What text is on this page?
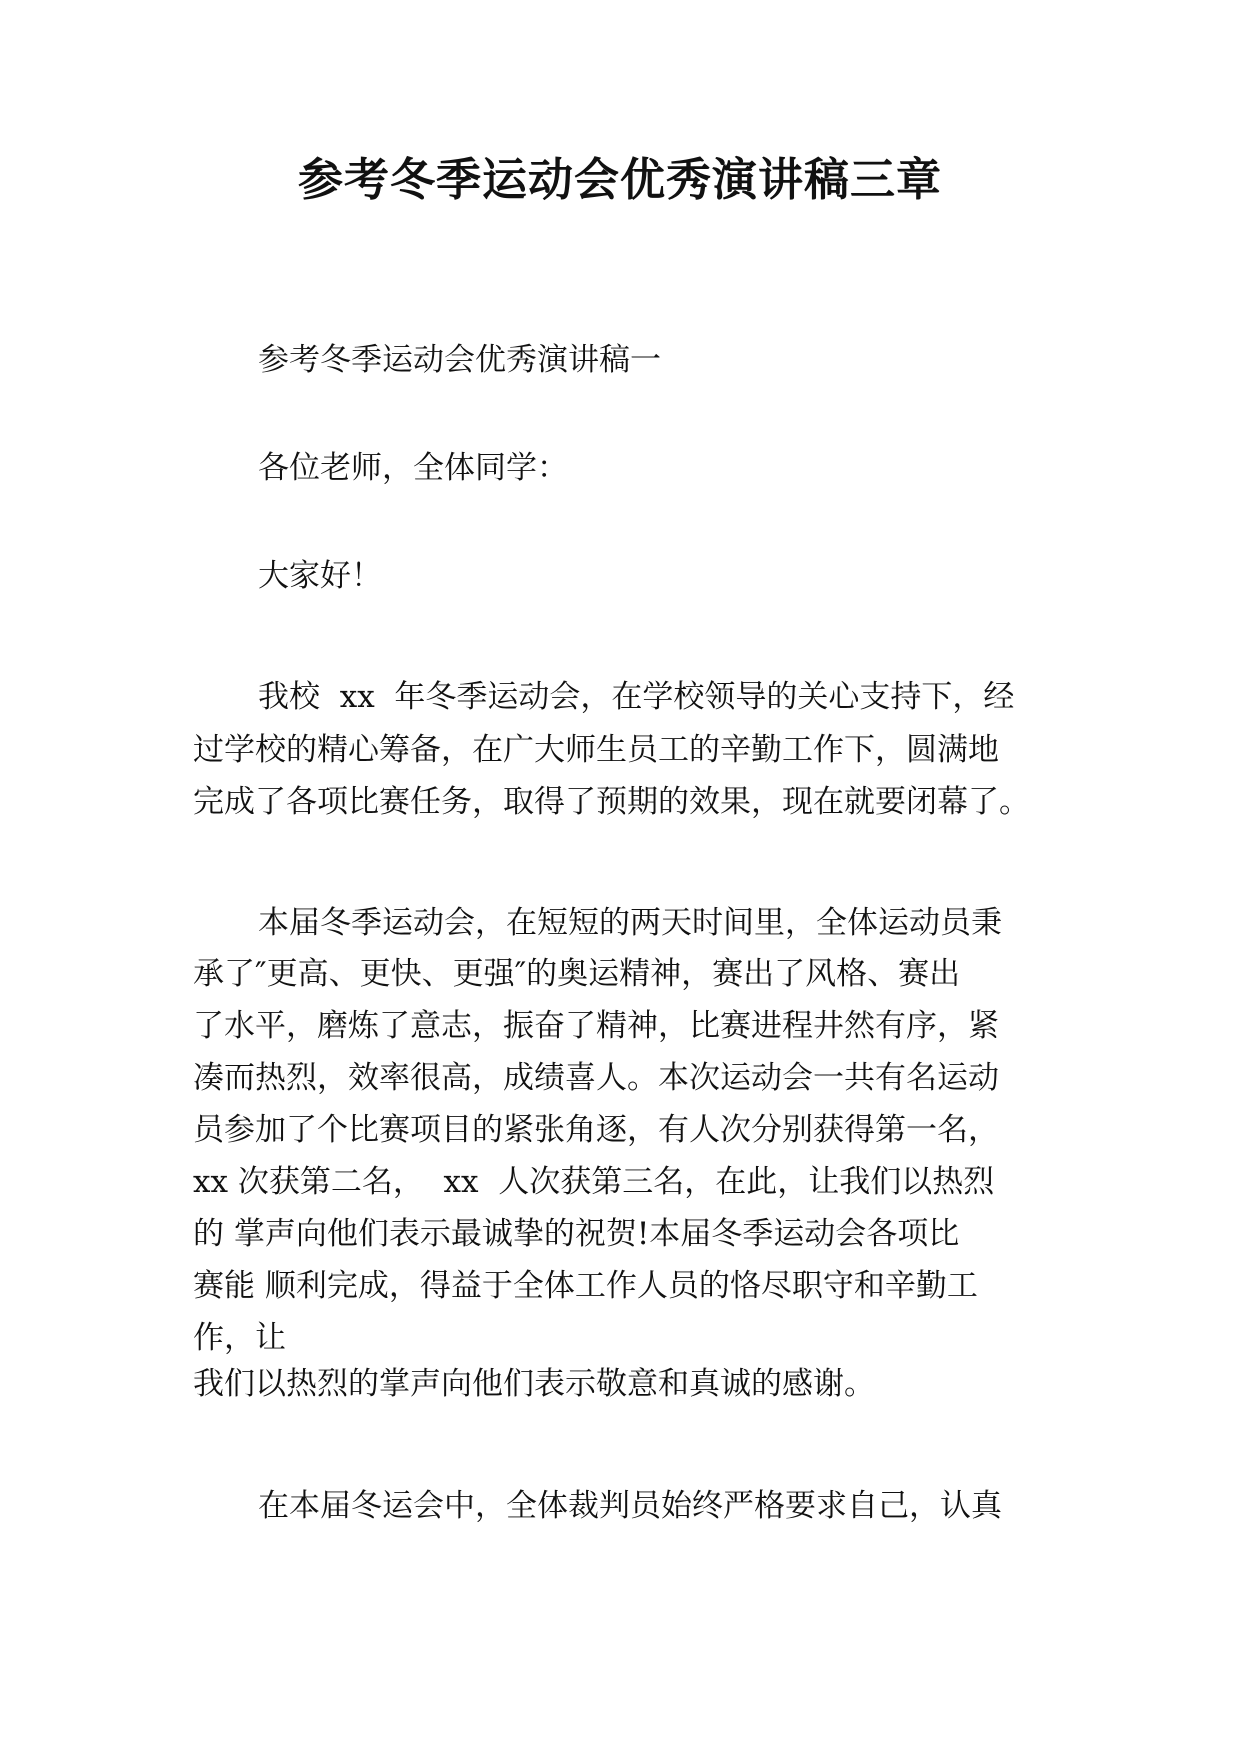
参考冬季运动会优秀演讲稿三章
参考冬季运动会优秀演讲稿一
各位老师，全体同学：
大家好！
我校  xx  年冬季运动会，在学校领导的关心支持下，经
过学校的精心筹备，在广大师生员工的辛勤工作下，圆满地
完成了各项比赛任务，取得了预期的效果，现在就要闭幕了。
本届冬季运动会，在短短的两天时间里，全体运动员秉
承了″更高、更快、更强″的奥运精神，赛出了风格、赛出
了水平，磨炼了意志，振奋了精神，比赛进程井然有序，紧
凑而热烈，效率很高，成绩喜人。本次运动会一共有名运动
员参加了个比赛项目的紧张角逐，有人次分别获得第一名，
xx 次获第二名，  xx  人次获第三名，在此，让我们以热烈
的 掌声向他们表示最诚挚的祝贺!本届冬季运动会各项比
赛能 顺利完成，得益于全体工作人员的恪尽职守和辛勤工
作，让
我们以热烈的掌声向他们表示敬意和真诚的感谢。
在本届冬运会中，全体裁判员始终严格要求自己，认真
